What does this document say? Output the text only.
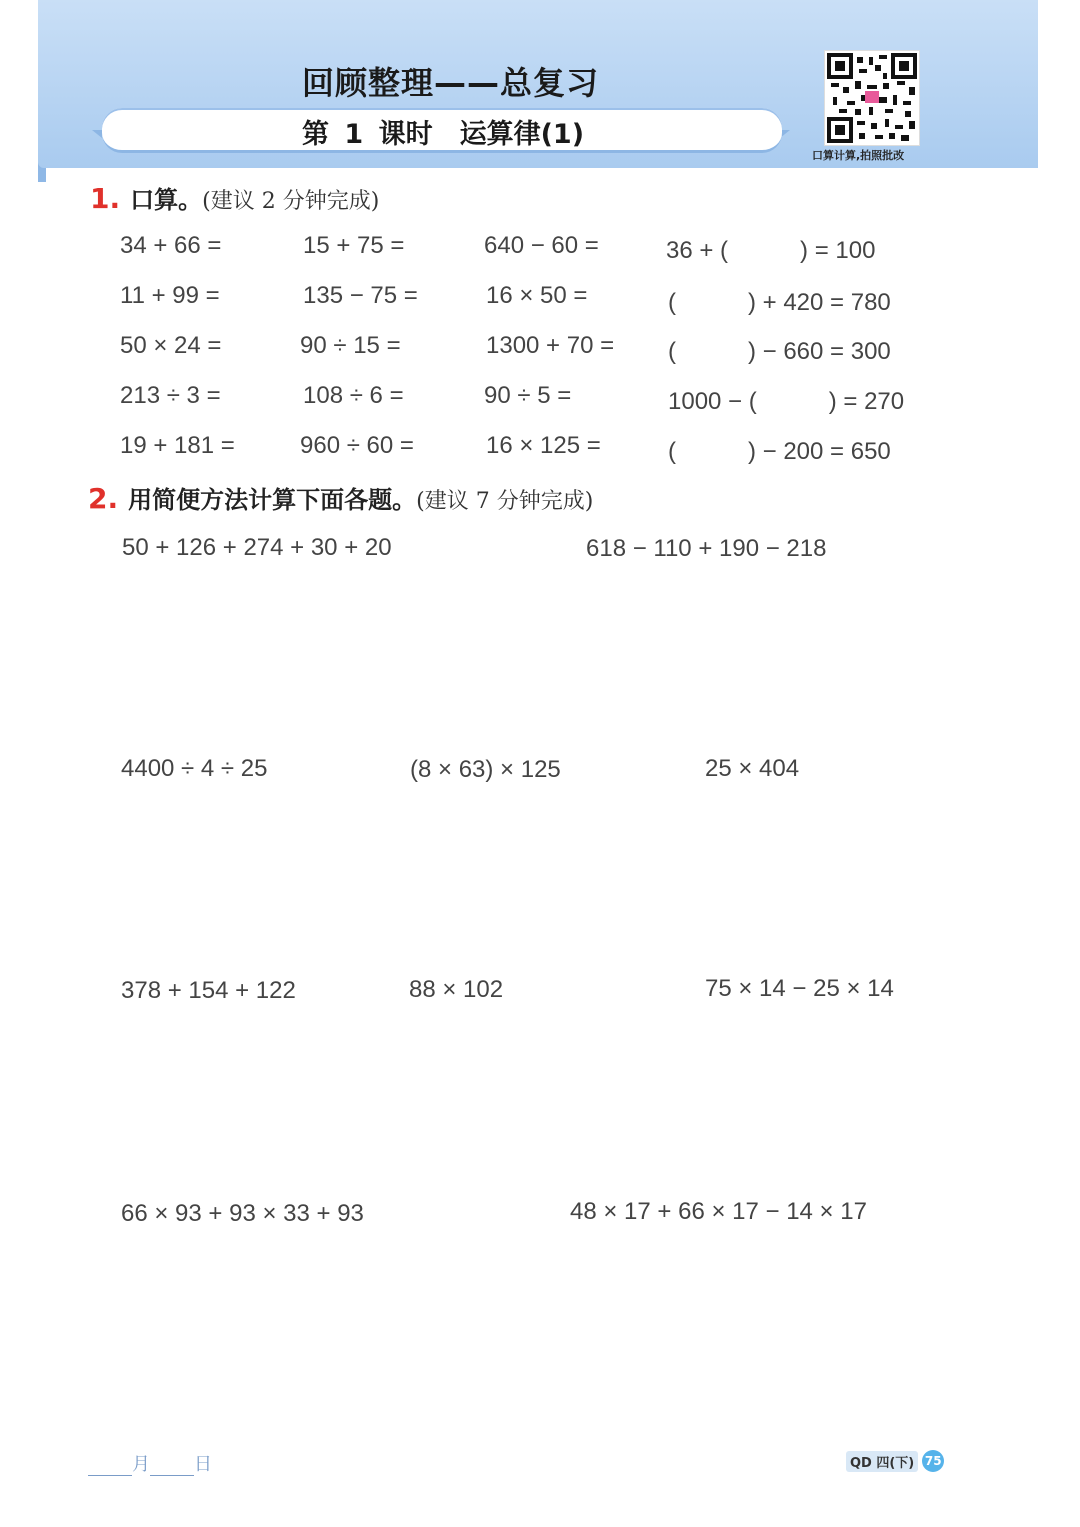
回顾整理——总复习
第 1 课时　运算律(1)
口算计算,拍照批改
1. 口算。(建议 2 分钟完成)
34 + 66 =	15 + 75 =	640 − 60 =	36 + (　　　) = 100
11 + 99 =	135 − 75 =	16 × 50 =	(　　　) + 420 = 780
50 × 24 =	90 ÷ 15 =	1300 + 70 =	(　　　) − 660 = 300
213 ÷ 3 =	108 ÷ 6 =	90 ÷ 5 =	1000 − (　　　) = 270
19 + 181 =	960 ÷ 60 =	16 × 125 =	(　　　) − 200 = 650
2. 用简便方法计算下面各题。(建议 7 分钟完成)
50 + 126 + 274 + 30 + 20	618 − 110 + 190 − 218
4400 ÷ 4 ÷ 25	(8 × 63) × 125	25 × 404
378 + 154 + 122	88 × 102	75 × 14 − 25 × 14
66 × 93 + 93 × 33 + 93	48 × 17 + 66 × 17 − 14 × 17
月 日	QD 四(下) 75
